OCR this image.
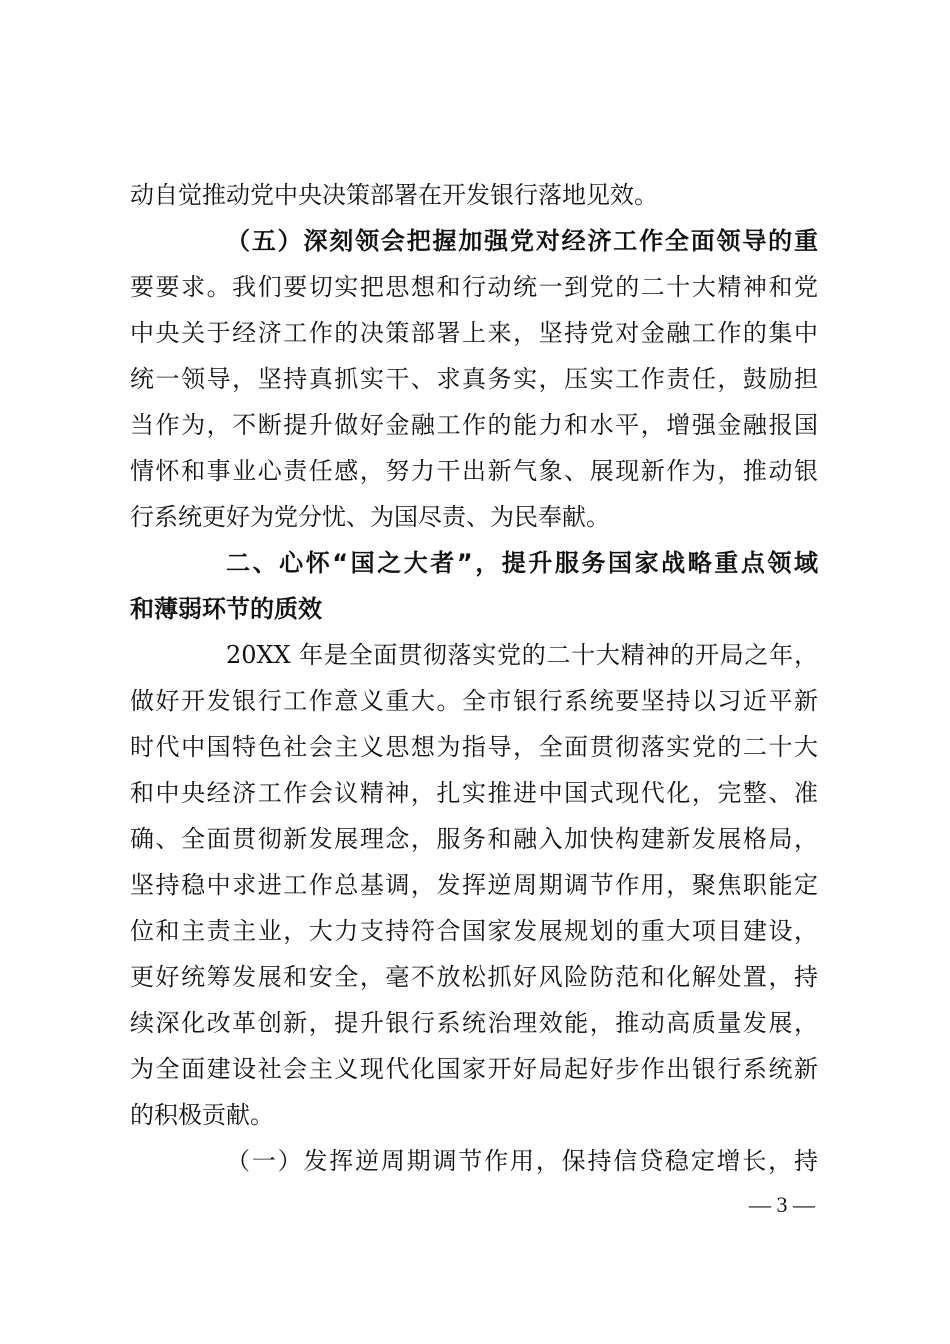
动自觉推动党中央决策部署在开发银行落地见效。
（五）深刻领会把握加强党对经济工作全面领导的重
要要求。我们要切实把思想和行动统一到党的二十大精神和党
中央关于经济工作的决策部署上来，坚持党对金融工作的集中
统一领导，坚持真抓实干、求真务实，压实工作责任，鼓励担
当作为，不断提升做好金融工作的能力和水平，增强金融报国
情怀和事业心责任感，努力干出新气象、展现新作为，推动银
行系统更好为党分忧、为国尽责、为民奉献。
二、心怀“国之大者”，提升服务国家战略重点领域
和薄弱环节的质效
20XX 年是全面贯彻落实党的二十大精神的开局之年，
做好开发银行工作意义重大。全市银行系统要坚持以习近平新
时代中国特色社会主义思想为指导，全面贯彻落实党的二十大
和中央经济工作会议精神，扎实推进中国式现代化，完整、准
确、全面贯彻新发展理念，服务和融入加快构建新发展格局，
坚持稳中求进工作总基调，发挥逆周期调节作用，聚焦职能定
位和主责主业，大力支持符合国家发展规划的重大项目建设，
更好统筹发展和安全，毫不放松抓好风险防范和化解处置，持
续深化改革创新，提升银行系统治理效能，推动高质量发展，
为全面建设社会主义现代化国家开好局起好步作出银行系统新
的积极贡献。
（一）发挥逆周期调节作用，保持信贷稳定增长，持
— 3 —
